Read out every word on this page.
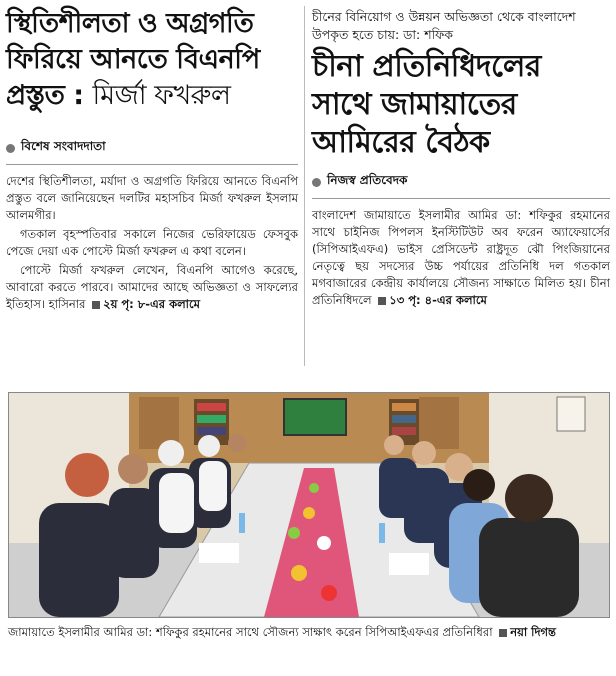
স্থিতিশীলতা ও অগ্রগতি
ফিরিয়ে আনতে বিএনপি
প্রস্তুত : মির্জা ফখরুল
বিশেষ সংবাদদাতা

দেশের স্থিতিশীলতা, মর্যাদা ও অগ্রগতি ফিরিয়ে আনতে বিএনপি প্রস্তুত বলে জানিয়েছেন দলটির মহাসচিব মির্জা ফখরুল ইসলাম আলমগীর।

গতকাল বৃহস্পতিবার সকালে নিজের ভেরিফায়েড ফেসবুক পেজে দেয়া এক পোস্টে মির্জা ফখরুল এ কথা বলেন।

পোস্টে মির্জা ফখরুল লেখেন, বিএনপি আগেও করেছে, আবারো করতে পারবে। আমাদের আছে অভিজ্ঞতা ও সাফল্যের ইতিহাস। হাসিনার ২য় পৃ: ৮-এর কলামে

চীনের বিনিয়োগ ও উন্নয়ন অভিজ্ঞতা থেকে বাংলাদেশ উপকৃত হতে চায়: ডা: শফিক
চীনা প্রতিনিধিদলের
সাথে জামায়াতের
আমিরের বৈঠক
নিজস্ব প্রতিবেদক

বাংলাদেশ জামায়াতে ইসলামীর আমির ডা: শফিকুর রহমানের সাথে চাইনিজ পিপলস ইনস্টিটিউট অব ফরেন অ্যাফেয়ার্সের (সিপিআইএফএ) ভাইস প্রেসিডেন্ট রাষ্ট্রদূত ঝৌ পিংজিয়ানের নেতৃত্বে ছয় সদস্যের উচ্চ পর্যায়ের প্রতিনিধি দল গতকাল মগবাজারের কেন্দ্রীয় কার্যালয়ে সৌজন্য সাক্ষাতে মিলিত হয়। চীনা প্রতিনিধিদলে ১৩ পৃ: ৪-এর কলামে

জামায়াতে ইসলামীর আমির ডা: শফিকুর রহমানের সাথে সৌজন্য সাক্ষাৎ করেন সিপিআইএফএর প্রতিনিধিরা নয়া দিগন্ত
